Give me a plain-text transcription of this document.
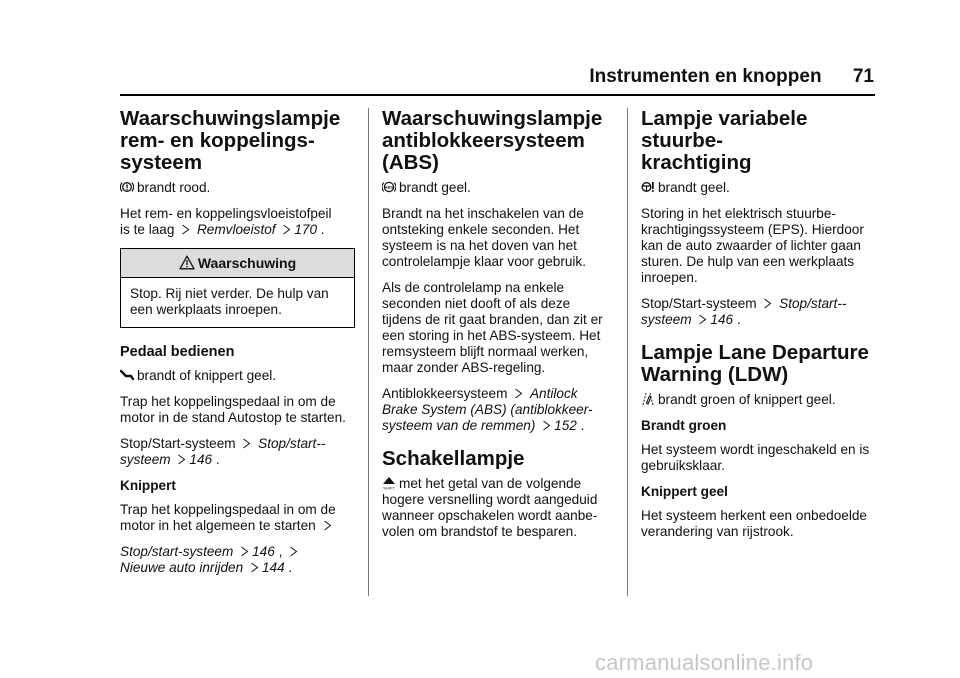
Instrumenten en knoppen 71
Waarschuwingslampje
rem- en koppelings-
systeem

brandt rood.

Het rem- en koppelingsvloeistofpeil
is te laag Remvloeistof 170 .

Waarschuwing
Stop. Rij niet verder. De hulp van een werkplaats inroepen.
Pedaal bedienen

brandt of knippert geel.

Trap het koppelingspedaal in om de motor in de stand Autostop te starten.

Stop/Start-systeem Stop/start--
systeem 146 .

Knippert

Trap het koppelingspedaal in om de
motor in het algemeen te starten

Stop/start-systeem 146 ,
Nieuwe auto inrijden 144 .

Waarschuwingslampje
antiblokkeersysteem
(ABS)

ABS brandt geel.

Brandt na het inschakelen van de ontsteking enkele seconden. Het systeem is na het doven van het controlelampje klaar voor gebruik.

Als de controlelamp na enkele seconden niet dooft of als deze tijdens de rit gaat branden, dan zit er een storing in het ABS-systeem. Het remsysteem blijft normaal werken, maar zonder ABS-regeling.

Antiblokkeersysteem Antilock
Brake System (ABS) (antiblokkeer-
systeem van de remmen) 152 .

Schakellampje

SHIFT met het getal van de volgende hogere versnelling wordt aangeduid wanneer opschakelen wordt aanbe- volen om brandstof te besparen.

Lampje variabele stuurbe-
krachtiging

brandt geel.

Storing in het elektrisch stuurbe- krachtigingssysteem (EPS). Hierdoor kan de auto zwaarder of lichter gaan sturen. De hulp van een werkplaats inroepen.

Stop/Start-systeem Stop/start--
systeem 146 .

Lampje Lane Departure
Warning (LDW)

brandt groen of knippert geel.

Brandt groen

Het systeem wordt ingeschakeld en is gebruiksklaar.

Knippert geel

Het systeem herkent een onbedoelde verandering van rijstrook.

carmanualsonline.info
